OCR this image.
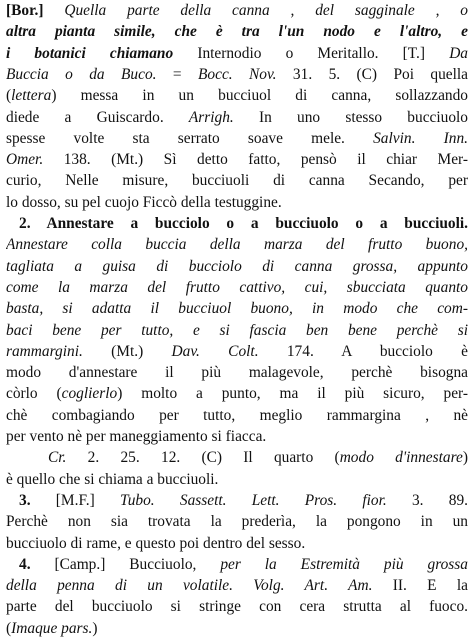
[Bor.] Quella parte della canna , del sagginale , o
altra pianta simile, che è tra l'un nodo e l'altro, e
i botanici chiamano Internodio o Meritallo. [T.] Da
Buccia o da Buco. = Bocc. Nov. 31. 5. (C) Poi quella
(lettera) messa in un bucciuol di canna, sollazzando
diede a Guiscardo. Arrigh. In uno stesso bucciuolo
spesse volte sta serrato soave mele. Salvin. Inn.
Omer. 138. (Mt.) Sì detto fatto, pensò il chiar Mer-
curio, Nelle misure, bucciuoli di canna Secando, per
lo dosso, su pel cuojo Ficcò della testuggine.
2. Annestare a bucciolo o a bucciuolo o a bucciuoli.
Annestare colla buccia della marza del frutto buono,
tagliata a guisa di bucciolo di canna grossa, appunto
come la marza del frutto cattivo, cui, sbucciata quanto
basta, si adatta il bucciuol buono, in modo che com-
baci bene per tutto, e si fascia ben bene perchè si
rammargini. (Mt.) Dav. Colt. 174. A bucciolo è
modo d'annestare il più malagevole, perchè bisogna
còrlo (coglierlo) molto a punto, ma il più sicuro, per-
chè combagiando per tutto, meglio rammargina , nè
per vento nè per maneggiamento si fiacca.
Cr. 2. 25. 12. (C) Il quarto (modo d'innestare)
è quello che si chiama a bucciuoli.
3. [M.F.] Tubo. Sassett. Lett. Pros. fior. 3. 89.
Perchè non sia trovata la prederìa, la pongono in un
bucciuolo di rame, e questo poi dentro del sesso.
4. [Camp.] Bucciuolo, per la Estremità più grossa
della penna di un volatile. Volg. Art. Am. II. E la
parte del bucciuolo si stringe con cera strutta al fuoco.
(Imaque pars.)
